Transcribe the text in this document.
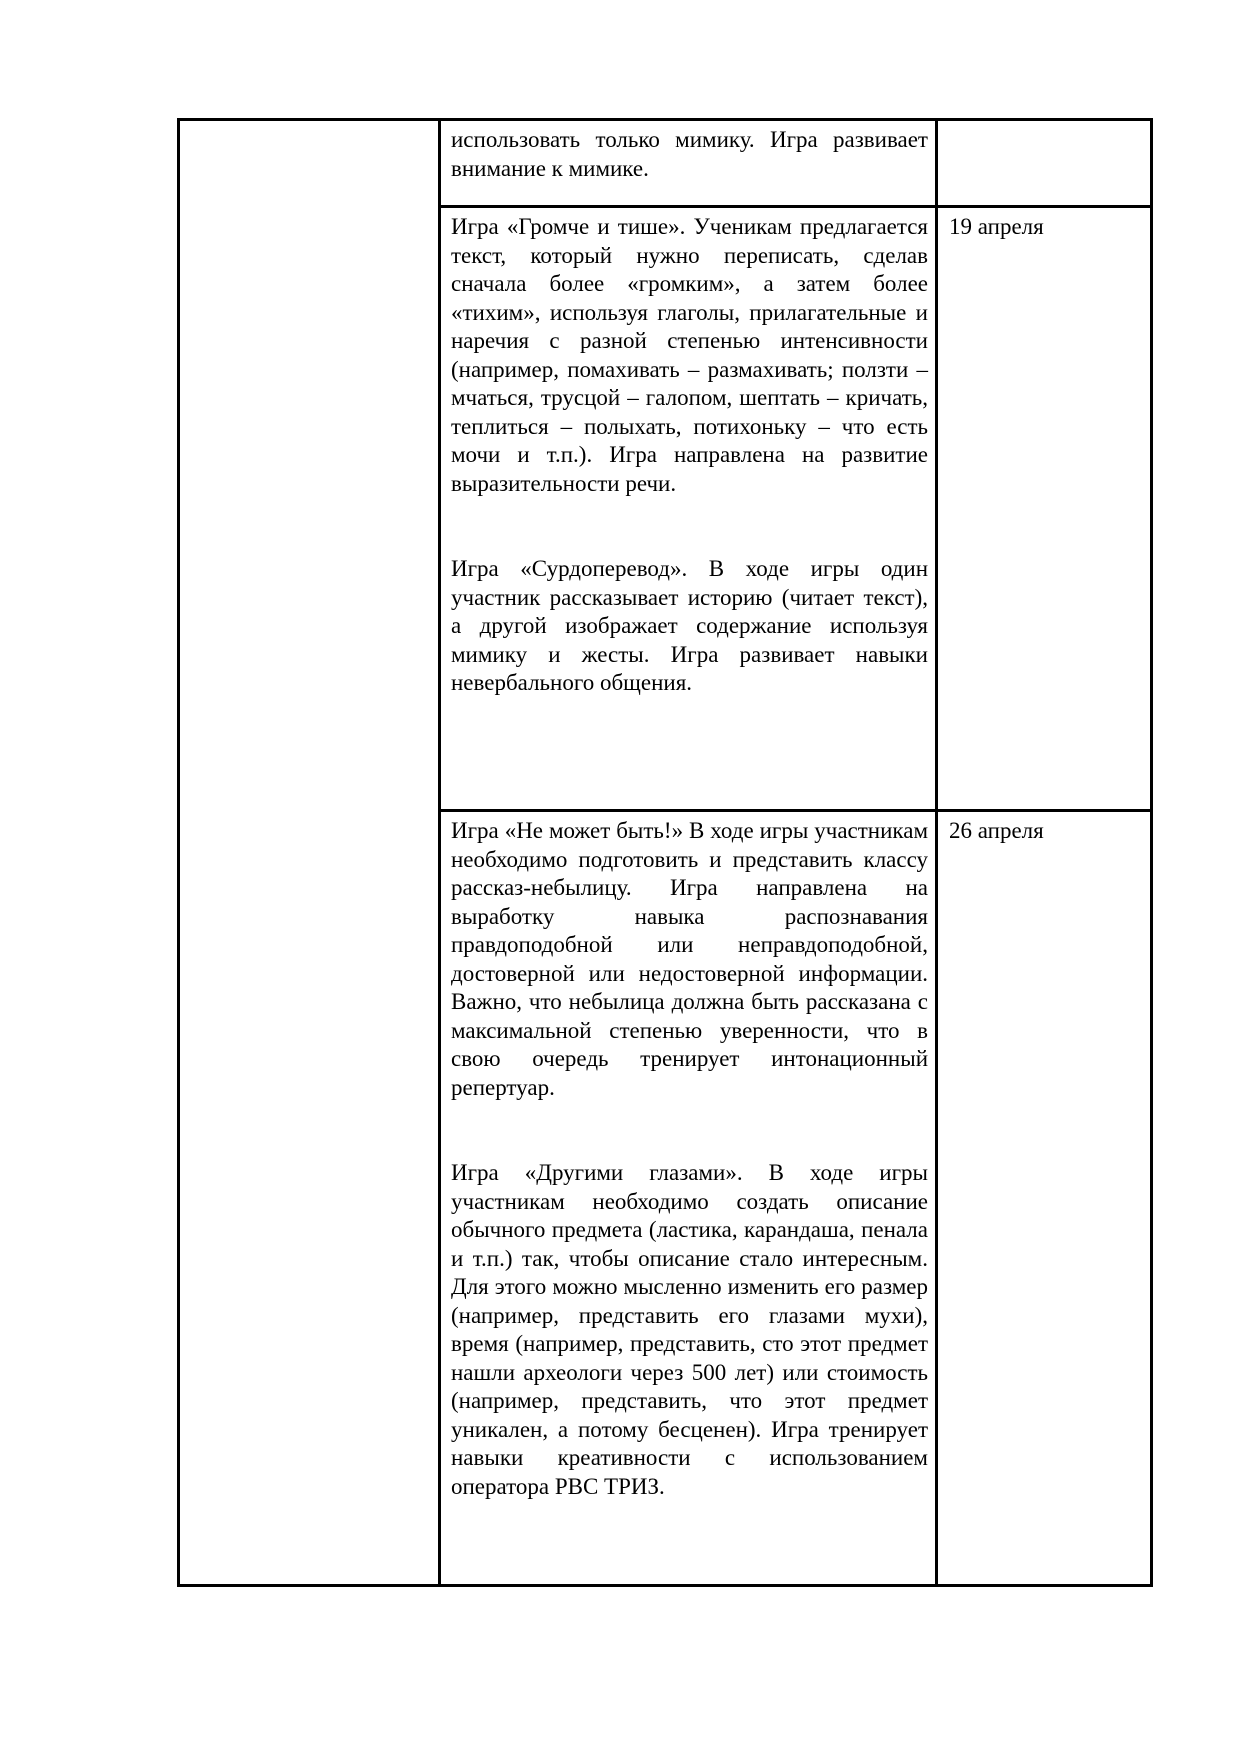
использовать только мимику. Игра развивает внимание к мимике.

Игра «Громче и тише». Ученикам предлагается текст, который нужно переписать, сделав сначала более «громким», а затем более «тихим», используя глаголы, прилагательные и наречия с разной степенью интенсивности (например, помахивать – размахивать; ползти – мчаться, трусцой – галопом, шептать – кричать, теплиться – полыхать, потихоньку – что есть мочи и т.п.). Игра направлена на развитие выразительности речи.

Игра «Сурдоперевод». В ходе игры один участник рассказывает историю (читает текст), а другой изображает содержание используя мимику и жесты. Игра развивает навыки невербального общения.

19 апреля

Игра «Не может быть!» В ходе игры участникам необходимо подготовить и представить классу рассказ-небылицу. Игра направлена на выработку навыка распознавания правдоподобной или неправдоподобной, достоверной или недостоверной информации. Важно, что небылица должна быть рассказана с максимальной степенью уверенности, что в свою очередь тренирует интонационный репертуар.

Игра «Другими глазами». В ходе игры участникам необходимо создать описание обычного предмета (ластика, карандаша, пенала и т.п.) так, чтобы описание стало интересным. Для этого можно мысленно изменить его размер (например, представить его глазами мухи), время (например, представить, сто этот предмет нашли археологи через 500 лет) или стоимость (например, представить, что этот предмет уникален, а потому бесценен). Игра тренирует навыки креативности с использованием оператора РВС ТРИЗ.

26 апреля
